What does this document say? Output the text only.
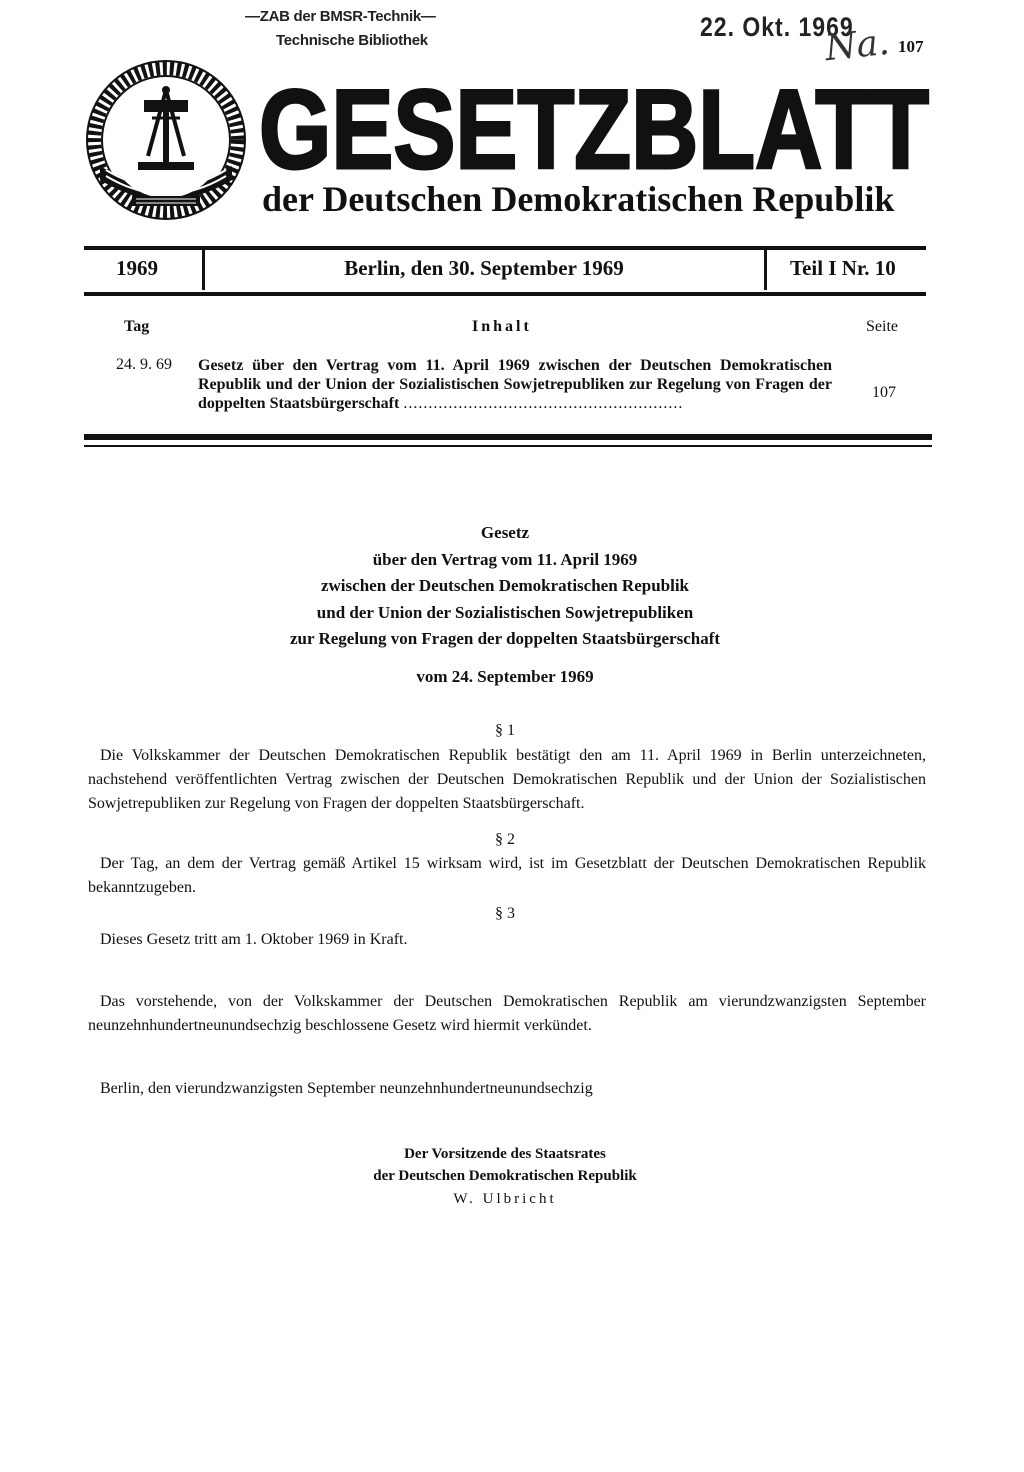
—ZAB der BMSR-Technik—
Technische Bibliothek	22. Okt. 1969
Na. 107
GESETZBLATT
der Deutschen Demokratischen Republik
1969	Berlin, den 30. September 1969	Teil I Nr. 10
Tag	Inhalt	Seite
24. 9. 69 Gesetz über den Vertrag vom 11. April 1969 zwischen der Deutschen Demokratischen Republik und der Union der Sozialistischen Sowjetrepubliken zur Regelung von Fragen der doppelten Staatsbürgerschaft ........................................................
107
Gesetz
über den Vertrag vom 11. April 1969
zwischen der Deutschen Demokratischen Republik
und der Union der Sozialistischen Sowjetrepubliken
zur Regelung von Fragen der doppelten Staatsbürgerschaft
vom 24. September 1969
§ 1
Die Volkskammer der Deutschen Demokratischen Republik bestätigt den am 11. April 1969 in Berlin unterzeichneten, nachstehend veröffentlichten Vertrag zwischen der Deutschen Demokratischen Republik und der Union der Sozialistischen Sowjetrepubliken zur Regelung von Fragen der doppelten Staatsbürgerschaft.
§ 2
Der Tag, an dem der Vertrag gemäß Artikel 15 wirksam wird, ist im Gesetzblatt der Deutschen Demokratischen Republik bekanntzugeben.
§ 3
Dieses Gesetz tritt am 1. Oktober 1969 in Kraft.
Das vorstehende, von der Volkskammer der Deutschen Demokratischen Republik am vierundzwanzigsten September neunzehnhundertneunundsechzig beschlossene Gesetz wird hiermit verkündet.
Berlin, den vierundzwanzigsten September neunzehnhundertneunundsechzig
Der Vorsitzende des Staatsrates
der Deutschen Demokratischen Republik
W. Ulbricht
